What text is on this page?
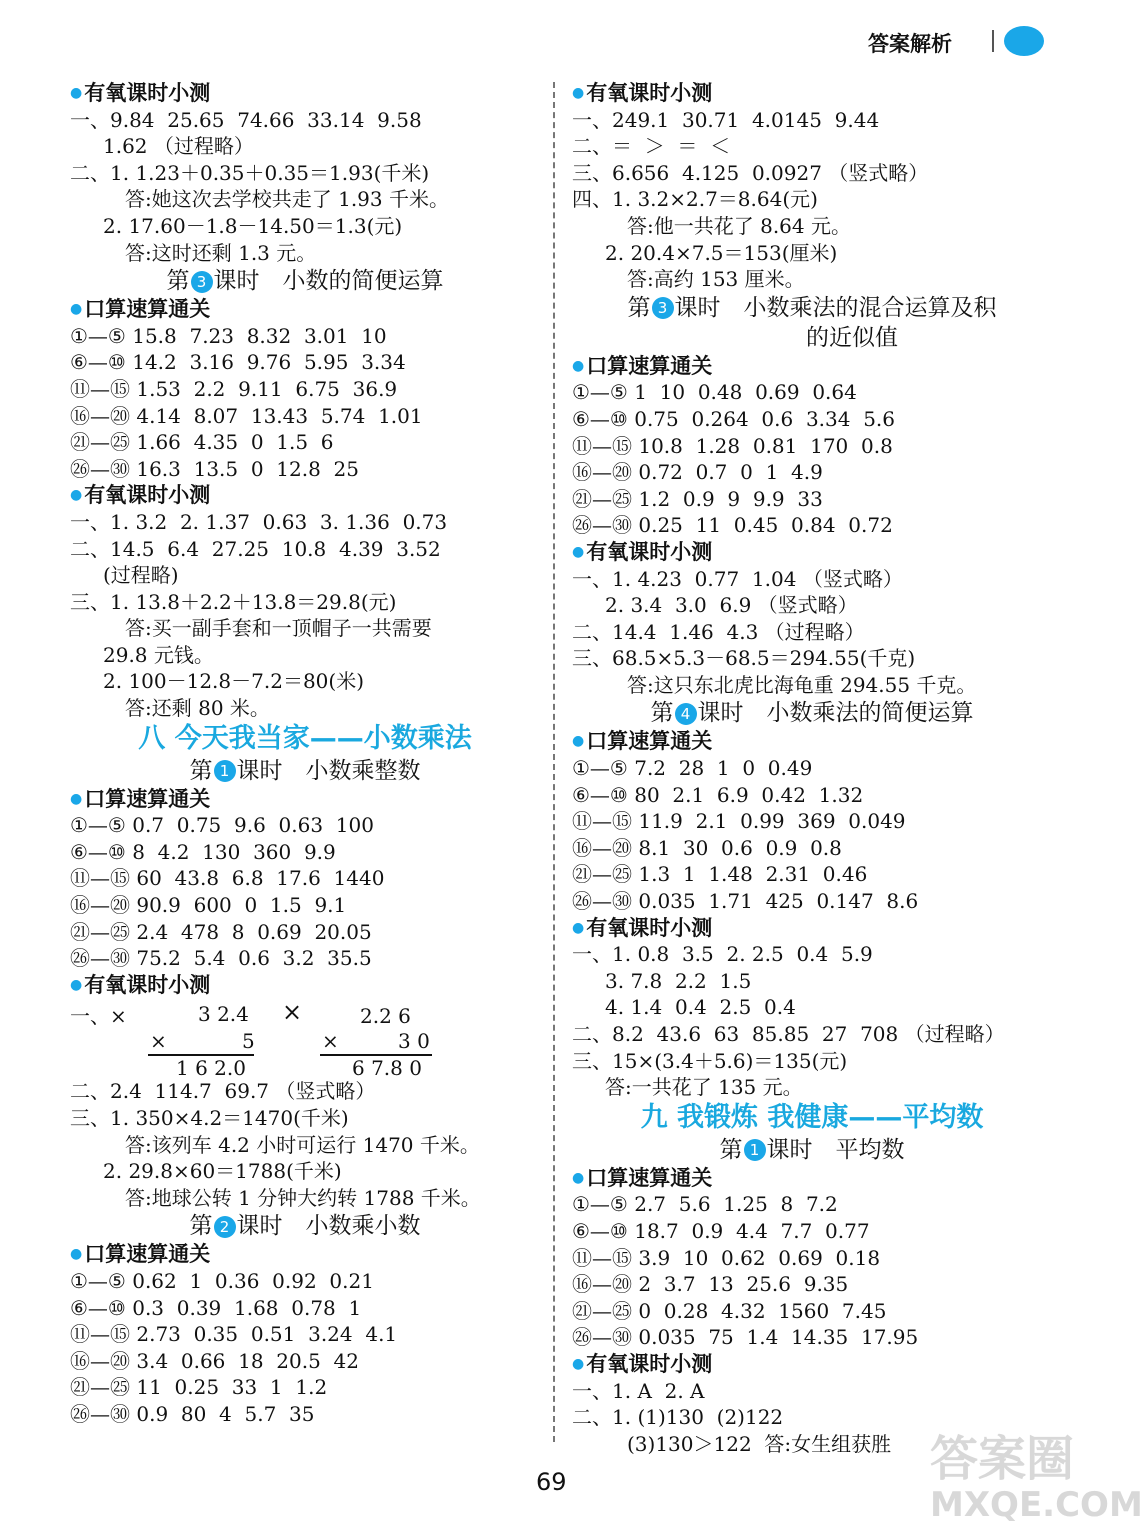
答案解析
●有氧课时小测
一、9.84  25.65  74.66  33.14  9.58
1.62 （过程略）
二、1. 1.23＋0.35＋0.35＝1.93(千米)
答:她这次去学校共走了 1.93 千米。
2. 17.60－1.8－14.50＝1.3(元)
答:这时还剩 1.3 元。
第 3 课时　小数的简便运算
●口算速算通关
①—⑤ 15.8  7.23  8.32  3.01  10
⑥—⑩ 14.2  3.16  9.76  5.95  3.34
⑪—⑮ 1.53  2.2  9.11  6.75  36.9
⑯—⑳ 4.14  8.07  13.43  5.74  1.01
㉑—㉕ 1.66  4.35  0  1.5  6
㉖—㉚ 16.3  13.5  0  12.8  25
●有氧课时小测
一、1. 3.2  2. 1.37  0.63  3. 1.36  0.73
二、14.5  6.4  27.25  10.8  4.39  3.52
(过程略)
三、1. 13.8＋2.2＋13.8＝29.8(元)
答:买一副手套和一顶帽子一共需要
29.8 元钱。
2. 100－12.8－7.2＝80(米)
答:还剩 80 米。
八 今天我当家——小数乘法
第 1 课时　小数乘整数
●口算速算通关
①—⑤ 0.7  0.75  9.6  0.63  100
⑥—⑩ 8  4.2  130  360  9.9
⑪—⑮ 60  43.8  6.8  17.6  1440
⑯—⑳ 90.9  600  0  1.5  9.1
㉑—㉕ 2.4  478  8  0.69  20.05
㉖—㉚ 75.2  5.4  0.6  3.2  35.5
●有氧课时小测
一、×	3 2.4 ×	2.2 6
×	5	×	3 0
1 6 2.0	6 7.8 0
二、2.4  114.7  69.7 （竖式略）
三、1. 350×4.2＝1470(千米)
答:该列车 4.2 小时可运行 1470 千米。
2. 29.8×60＝1788(千米)
答:地球公转 1 分钟大约转 1788 千米。
第 2 课时　小数乘小数
●口算速算通关
①—⑤ 0.62  1  0.36  0.92  0.21
⑥—⑩ 0.3  0.39  1.68  0.78  1
⑪—⑮ 2.73  0.35  0.51  3.24  4.1
⑯—⑳ 3.4  0.66  18  20.5  42
㉑—㉕ 11  0.25  33  1  1.2
㉖—㉚ 0.9  80  4  5.7  35
●有氧课时小测
一、249.1  30.71  4.0145  9.44
二、＝  ＞  ＝  ＜
三、6.656  4.125  0.0927 （竖式略）
四、1. 3.2×2.7＝8.64(元)
答:他一共花了 8.64 元。
2. 20.4×7.5＝153(厘米)
答:高约 153 厘米。
第 3 课时　小数乘法的混合运算及积
的近似值
●口算速算通关
①—⑤ 1  10  0.48  0.69  0.64
⑥—⑩ 0.75  0.264  0.6  3.34  5.6
⑪—⑮ 10.8  1.28  0.81  170  0.8
⑯—⑳ 0.72  0.7  0  1  4.9
㉑—㉕ 1.2  0.9  9  9.9  33
㉖—㉚ 0.25  11  0.45  0.84  0.72
●有氧课时小测
一、1. 4.23  0.77  1.04 （竖式略）
2. 3.4  3.0  6.9 （竖式略）
二、14.4  1.46  4.3 （过程略）
三、68.5×5.3－68.5＝294.55(千克)
答:这只东北虎比海龟重 294.55 千克。
第 4 课时　小数乘法的简便运算
●口算速算通关
①—⑤ 7.2  28  1  0  0.49
⑥—⑩ 80  2.1  6.9  0.42  1.32
⑪—⑮ 11.9  2.1  0.99  369  0.049
⑯—⑳ 8.1  30  0.6  0.9  0.8
㉑—㉕ 1.3  1  1.48  2.31  0.46
㉖—㉚ 0.035  1.71  425  0.147  8.6
●有氧课时小测
一、1. 0.8  3.5  2. 2.5  0.4  5.9
3. 7.8  2.2  1.5
4. 1.4  0.4  2.5  0.4
二、8.2  43.6  63  85.85  27  708 （过程略）
三、15×(3.4＋5.6)＝135(元)
答:一共花了 135 元。
九 我锻炼 我健康——平均数
第 1 课时　平均数
●口算速算通关
①—⑤ 2.7  5.6  1.25  8  7.2
⑥—⑩ 18.7  0.9  4.4  7.7  0.77
⑪—⑮ 3.9  10  0.62  0.69  0.18
⑯—⑳ 2  3.7  13  25.6  9.35
㉑—㉕ 0  0.28  4.32  1560  7.45
㉖—㉚ 0.035  75  1.4  14.35  17.95
●有氧课时小测
一、1. A  2. A
二、1. (1)130  (2)122
(3)130＞122  答:女生组获胜
69	答案圈
MXQE.COM
